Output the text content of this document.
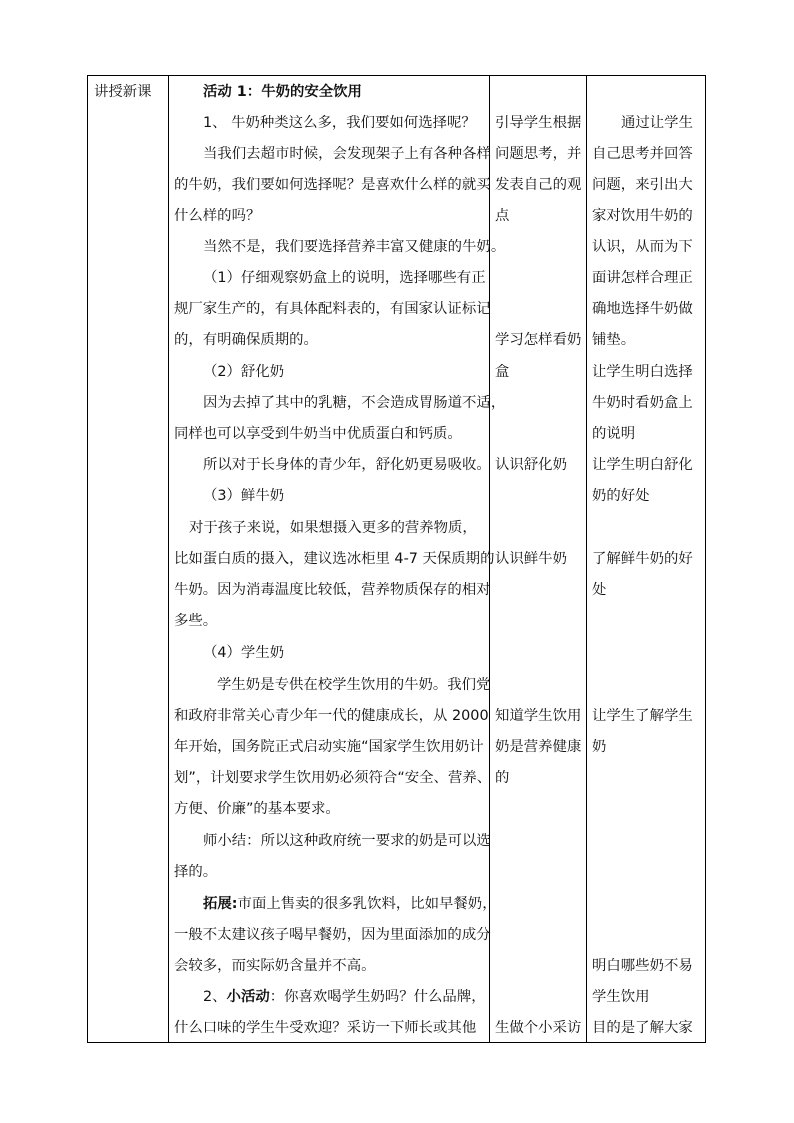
讲授新课	活动 1：牛奶的安全饮用
1、 牛奶种类这么多，我们要如何选择呢？
当我们去超市时候，会发现架子上有各种各样
的牛奶，我们要如何选择呢？是喜欢什么样的就买
什么样的吗？
当然不是，我们要选择营养丰富又健康的牛奶。
（1）仔细观察奶盒上的说明，选择哪些有正
规厂家生产的，有具体配料表的，有国家认证标记
的，有明确保质期的。
（2）舒化奶
因为去掉了其中的乳糖，不会造成胃肠道不适，
同样也可以享受到牛奶当中优质蛋白和钙质。
所以对于长身体的青少年，舒化奶更易吸收。
（3）鲜牛奶
对于孩子来说，如果想摄入更多的营养物质，
比如蛋白质的摄入，建议选冰柜里 4-7 天保质期的
牛奶。因为消毒温度比较低，营养物质保存的相对
多些。
（4）学生奶
学生奶是专供在校学生饮用的牛奶。我们党
和政府非常关心青少年一代的健康成长，从 2000
年开始，国务院正式启动实施“国家学生饮用奶计
划”，计划要求学生饮用奶必须符合“安全、营养、
方便、价廉”的基本要求。
师小结：所以这种政府统一要求的奶是可以选
择的。
拓展:市面上售卖的很多乳饮料，比如早餐奶，
一般不太建议孩子喝早餐奶，因为里面添加的成分
会较多，而实际奶含量并不高。
2、小活动：你喜欢喝学生奶吗？什么品牌，
什么口味的学生牛受欢迎？采访一下师长或其他
引导学生根据
问题思考，并
发表自己的观
点
学习怎样看奶
盒
认识舒化奶
认识鲜牛奶
知道学生饮用
奶是营养健康
的
生做个小采访
通过让学生
自己思考并回答
问题，来引出大
家对饮用牛奶的
认识，从而为下
面讲怎样合理正
确地选择牛奶做
铺垫。
让学生明白选择
牛奶时看奶盒上
的说明
让学生明白舒化
奶的好处
了解鲜牛奶的好
处
让学生了解学生
奶
明白哪些奶不易
学生饮用
目的是了解大家
